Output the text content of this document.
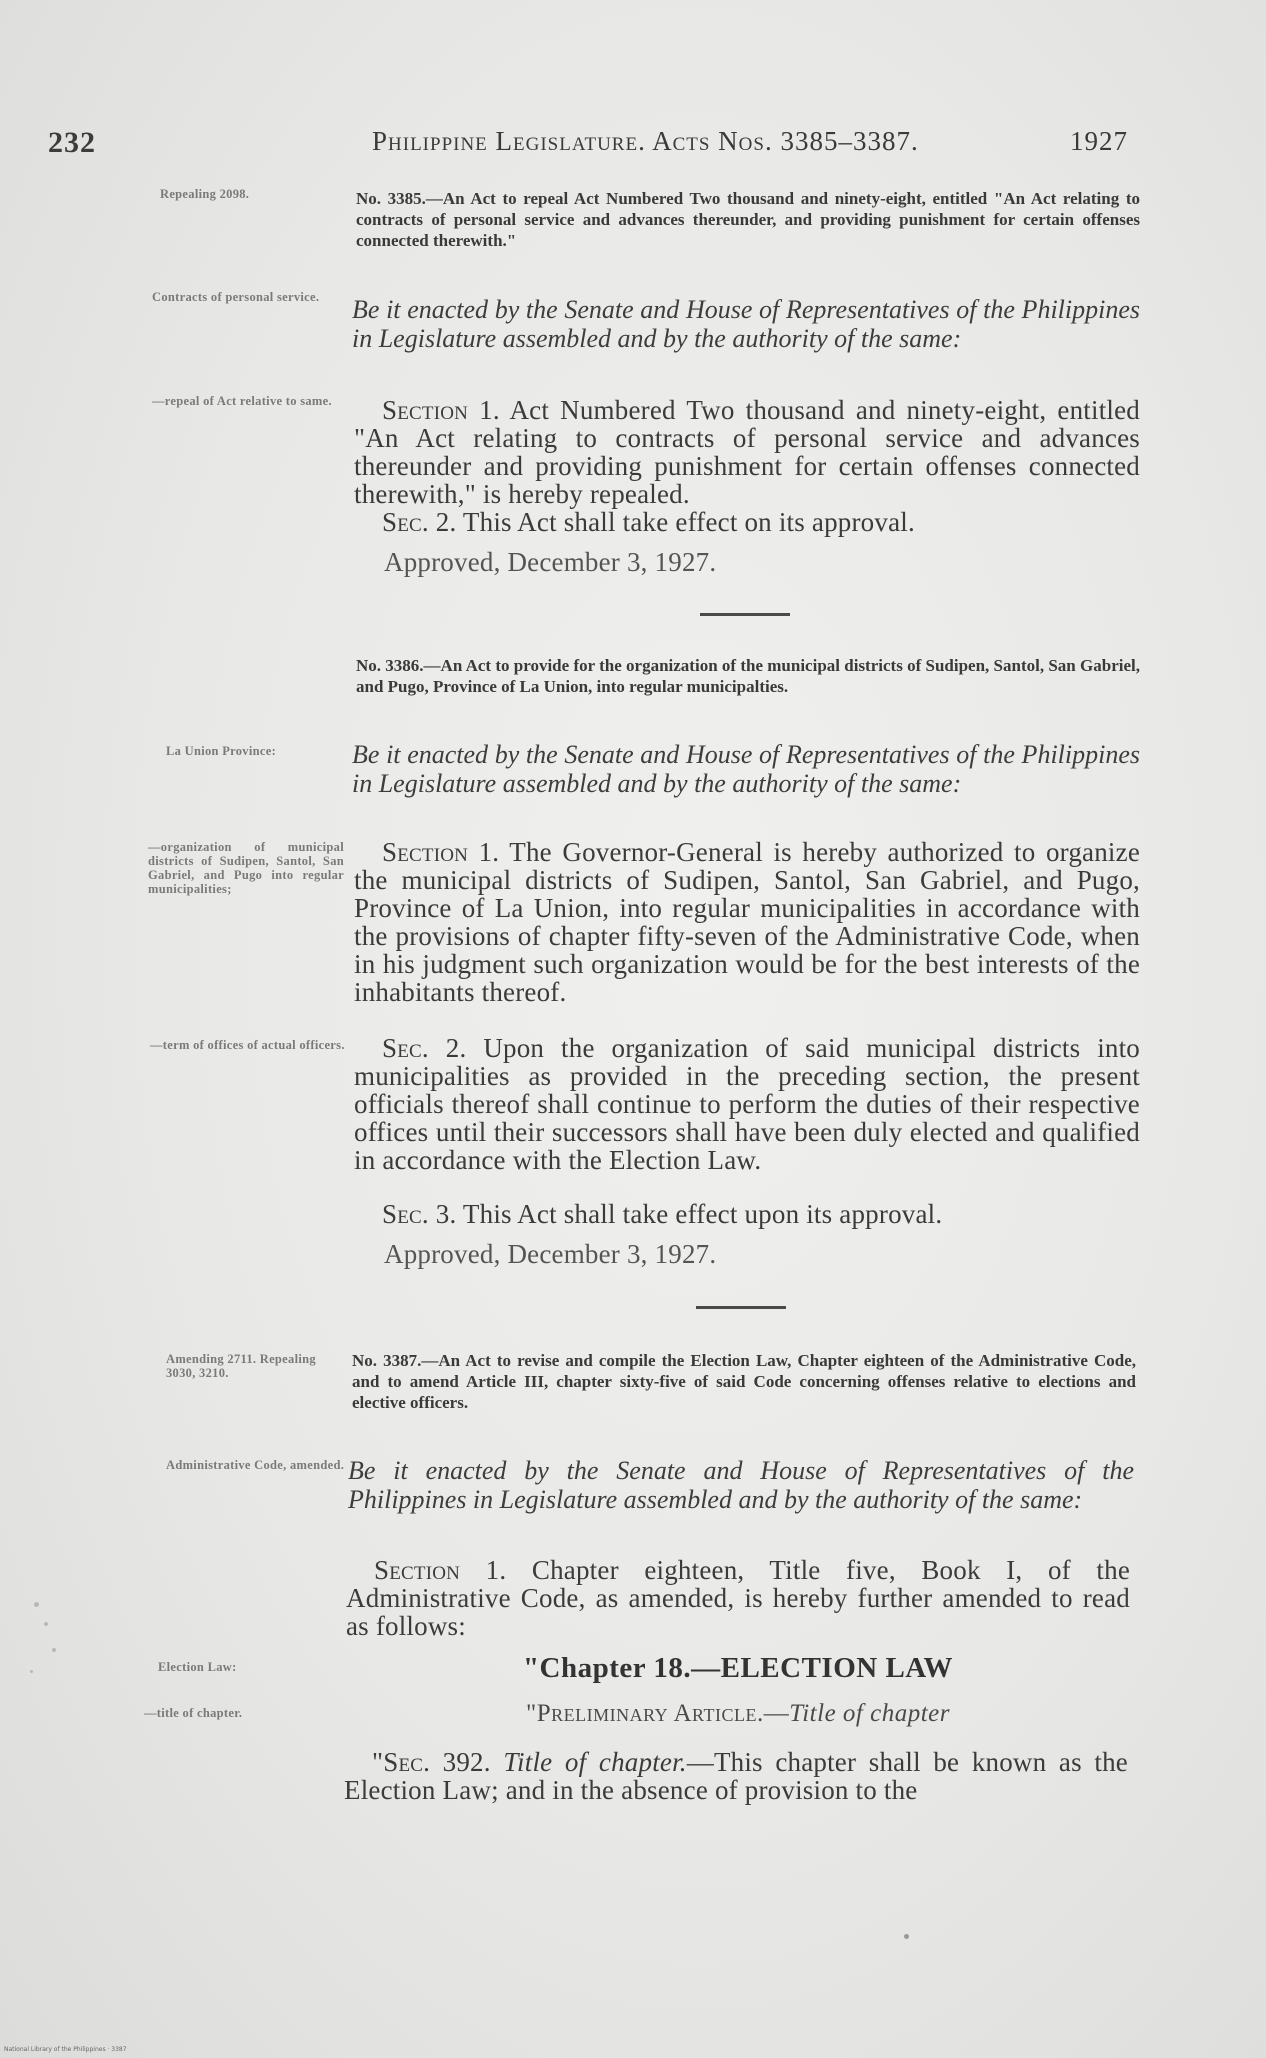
232	Philippine Legislature. Acts Nos. 3385–3387.	1927
Repealing 2098.	No. 3385.—An Act to repeal Act Numbered Two thousand and ninety-eight, entitled "An Act relating to contracts of personal service and advances thereunder, and providing punishment for certain offenses connected therewith."
Contracts of personal service.	Be it enacted by the Senate and House of Representatives of the Philippines in Legislature assembled and by the authority of the same:
—repeal of Act relative to same.	Section 1. Act Numbered Two thousand and ninety-eight, entitled "An Act relating to contracts of personal service and advances thereunder and providing punishment for certain offenses connected therewith," is hereby repealed.
Sec. 2. This Act shall take effect on its approval.
Approved, December 3, 1927.
No. 3386.—An Act to provide for the organization of the municipal districts of Sudipen, Santol, San Gabriel, and Pugo, Province of La Union, into regular municipalties.
La Union Province:	Be it enacted by the Senate and House of Representatives of the Philippines in Legislature assembled and by the authority of the same:
—organization of municipal districts of Sudipen, Santol, San Gabriel, and Pugo into regular municipalities;
Section 1. The Governor-General is hereby authorized to organize the municipal districts of Sudipen, Santol, San Gabriel, and Pugo, Province of La Union, into regular municipalities in accordance with the provisions of chapter fifty-seven of the Administrative Code, when in his judgment such organization would be for the best interests of the inhabitants thereof.
—term of offices of actual officers.	Sec. 2. Upon the organization of said municipal districts into municipalities as provided in the preceding section, the present officials thereof shall continue to perform the duties of their respective offices until their successors shall have been duly elected and qualified in accordance with the Election Law.
Sec. 3. This Act shall take effect upon its approval.
Approved, December 3, 1927.
Amending 2711. Repealing 3030, 3210.
No. 3387.—An Act to revise and compile the Election Law, Chapter eighteen of the Administrative Code, and to amend Article III, chapter sixty-five of said Code concerning offenses relative to elections and elective officers.
Administrative Code, amended. Be it enacted by the Senate and House of Representatives of the Philippines in Legislature assembled and by the authority of the same:
Section 1. Chapter eighteen, Title five, Book I, of the Administrative Code, as amended, is hereby further amended to read as follows:
Election Law:	"Chapter 18.—ELECTION LAW
—title of chapter.	"Preliminary Article.—Title of chapter
"Sec. 392. Title of chapter.—This chapter shall be known as the Election Law; and in the absence of provision to the
National Library of the Philippines · 3387
